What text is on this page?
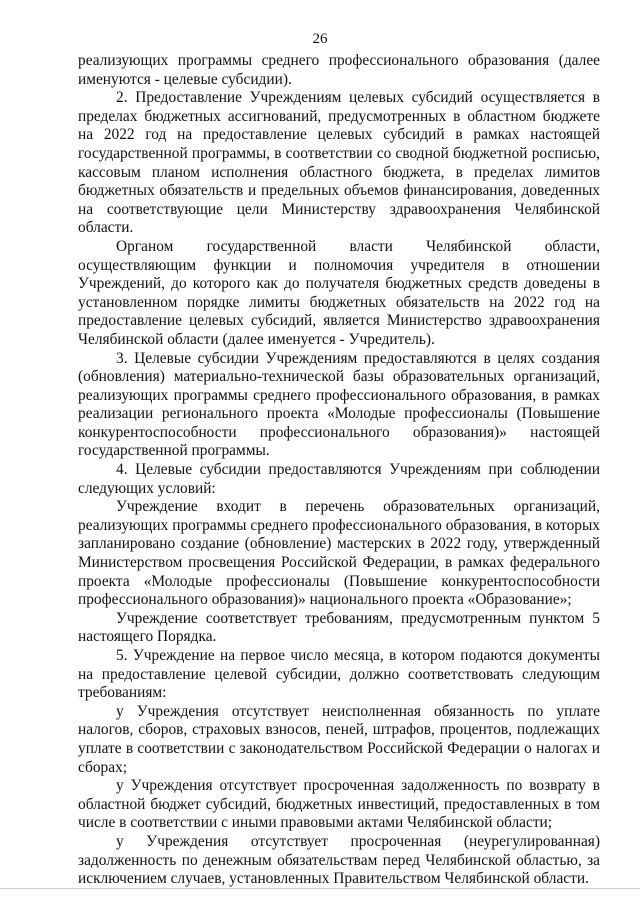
26

реализующих программы среднего профессионального образования (далее именуются - целевые субсидии).

2. Предоставление Учреждениям целевых субсидий осуществляется в пределах бюджетных ассигнований, предусмотренных в областном бюджете на 2022 год на предоставление целевых субсидий в рамках настоящей государственной программы, в соответствии со сводной бюджетной росписью, кассовым планом исполнения областного бюджета, в пределах лимитов бюджетных обязательств и предельных объемов финансирования, доведенных на соответствующие цели Министерству здравоохранения Челябинской области.

Органом государственной власти Челябинской области, осуществляющим функции и полномочия учредителя в отношении Учреждений, до которого как до получателя бюджетных средств доведены в установленном порядке лимиты бюджетных обязательств на 2022 год на предоставление целевых субсидий, является Министерство здравоохранения Челябинской области (далее именуется - Учредитель).

3. Целевые субсидии Учреждениям предоставляются в целях создания (обновления) материально-технической базы образовательных организаций, реализующих программы среднего профессионального образования, в рамках реализации регионального проекта «Молодые профессионалы (Повышение конкурентоспособности профессионального образования)» настоящей государственной программы.

4. Целевые субсидии предоставляются Учреждениям при соблюдении следующих условий:

Учреждение входит в перечень образовательных организаций, реализующих программы среднего профессионального образования, в которых запланировано создание (обновление) мастерских в 2022 году, утвержденный Министерством просвещения Российской Федерации, в рамках федерального проекта «Молодые профессионалы (Повышение конкурентоспособности профессионального образования)» национального проекта «Образование»;

Учреждение соответствует требованиям, предусмотренным пунктом 5 настоящего Порядка.

5. Учреждение на первое число месяца, в котором подаются документы на предоставление целевой субсидии, должно соответствовать следующим требованиям:

у Учреждения отсутствует неисполненная обязанность по уплате налогов, сборов, страховых взносов, пеней, штрафов, процентов, подлежащих уплате в соответствии с законодательством Российской Федерации о налогах и сборах;

у Учреждения отсутствует просроченная задолженность по возврату в областной бюджет субсидий, бюджетных инвестиций, предоставленных в том числе в соответствии с иными правовыми актами Челябинской области;

у Учреждения отсутствует просроченная (неурегулированная) задолженность по денежным обязательствам перед Челябинской областью, за исключением случаев, установленных Правительством Челябинской области.
